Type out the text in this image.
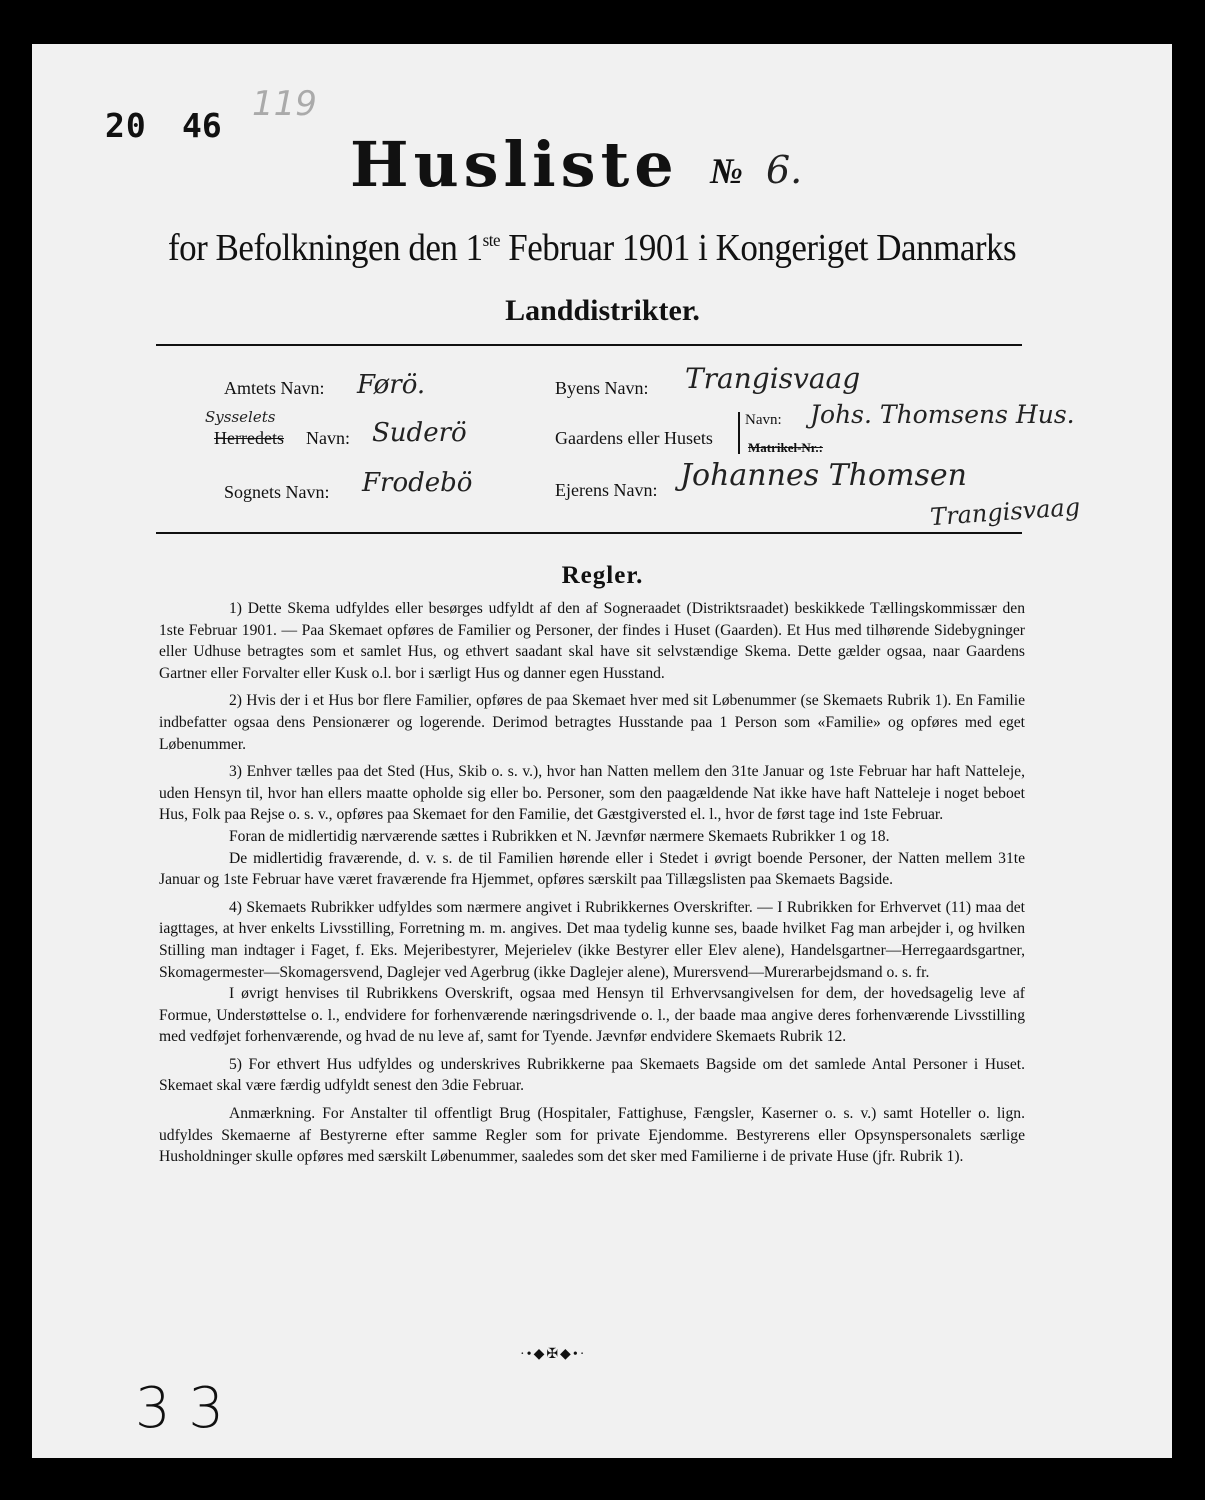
20 46
119
Husliste № 6.
for Befolkningen den 1ste Februar 1901 i Kongeriget Danmarks
Landdistrikter.
Amtets Navn: Førö.
Sysselets
Herredets Navn: Suderö
Sognets Navn: Frodebö
Byens Navn: Trangisvaag
Gaardens eller Husets
Navn: Johs. Thomsens Hus.
Matrikel-Nr.:
Ejerens Navn: Johannes Thomsen
Trangisvaag
Regler.

1) Dette Skema udfyldes eller besørges udfyldt af den af Sogneraadet (Distriktsraadet) beskikkede Tællingskommissær den 1ste Februar 1901. — Paa Skemaet opføres de Familier og Personer, der findes i Huset (Gaarden). Et Hus med tilhørende Sidebygninger eller Udhuse betragtes som et samlet Hus, og ethvert saadant skal have sit selvstændige Skema. Dette gælder ogsaa, naar Gaardens Gartner eller Forvalter eller Kusk o.l. bor i særligt Hus og danner egen Husstand.

2) Hvis der i et Hus bor flere Familier, opføres de paa Skemaet hver med sit Løbenummer (se Skemaets Rubrik 1). En Familie indbefatter ogsaa dens Pensionærer og logerende. Derimod betragtes Husstande paa 1 Person som «Familie» og opføres med eget Løbenummer.

3) Enhver tælles paa det Sted (Hus, Skib o. s. v.), hvor han Natten mellem den 31te Januar og 1ste Februar har haft Natteleje, uden Hensyn til, hvor han ellers maatte opholde sig eller bo. Personer, som den paagældende Nat ikke have haft Natteleje i noget beboet Hus, Folk paa Rejse o. s. v., opføres paa Skemaet for den Familie, det Gæstgiversted el. l., hvor de først tage ind 1ste Februar.

Foran de midlertidig nærværende sættes i Rubrikken et N. Jævnfør nærmere Skemaets Rubrikker 1 og 18.

De midlertidig fraværende, d. v. s. de til Familien hørende eller i Stedet i øvrigt boende Personer, der Natten mellem 31te Januar og 1ste Februar have været fraværende fra Hjemmet, opføres særskilt paa Tillægslisten paa Skemaets Bagside.

4) Skemaets Rubrikker udfyldes som nærmere angivet i Rubrikkernes Overskrifter. — I Rubrikken for Erhvervet (11) maa det iagttages, at hver enkelts Livsstilling, Forretning m. m. angives. Det maa tydelig kunne ses, baade hvilket Fag man arbejder i, og hvilken Stilling man indtager i Faget, f. Eks. Mejeribestyrer, Mejerielev (ikke Bestyrer eller Elev alene), Handelsgartner—Herregaardsgartner, Skomagermester—Skomagersvend, Daglejer ved Agerbrug (ikke Daglejer alene), Murersvend—Murerarbejdsmand o. s. fr.

I øvrigt henvises til Rubrikkens Overskrift, ogsaa med Hensyn til Erhvervsangivelsen for dem, der hovedsagelig leve af Formue, Understøttelse o. l., endvidere for forhenværende næringsdrivende o. l., der baade maa angive deres forhenværende Livsstilling med vedføjet forhenværende, og hvad de nu leve af, samt for Tyende. Jævnfør endvidere Skemaets Rubrik 12.

5) For ethvert Hus udfyldes og underskrives Rubrikkerne paa Skemaets Bagside om det samlede Antal Personer i Huset. Skemaet skal være færdig udfyldt senest den 3die Februar.

Anmærkning. For Anstalter til offentligt Brug (Hospitaler, Fattighuse, Fængsler, Kaserner o. s. v.) samt Hoteller o. lign. udfyldes Skemaerne af Bestyrerne efter samme Regler som for private Ejendomme. Bestyrerens eller Opsynspersonalets særlige Husholdninger skulle opføres med særskilt Løbenummer, saaledes som det sker med Familierne i de private Huse (jfr. Rubrik 1).

·•◆✠◆•·
3 3
